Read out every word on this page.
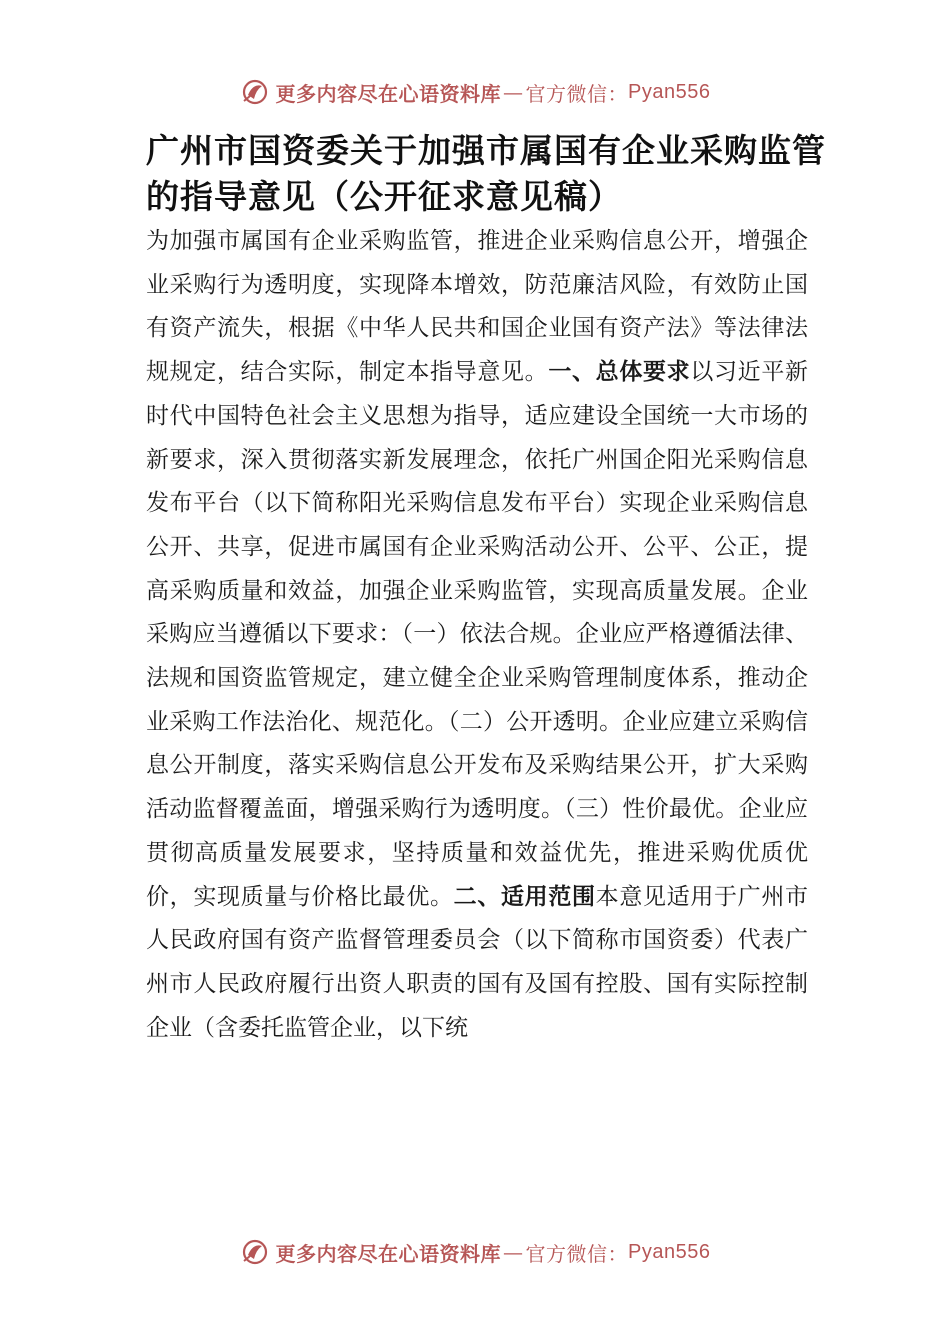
更多内容尽在心语资料库 — 官方微信： Pyan556
广州市国资委关于加强市属国有企业采购监管的指导意见（公开征求意见稿）

为加强市属国有企业采购监管，推进企业采购信息公开，增强企业采购行为透明度，实现降本增效，防范廉洁风险，有效防止国有资产流失，根据《中华人民共和国企业国有资产法》等法律法规规定，结合实际，制定本指导意见。一、总体要求以习近平新时代中国特色社会主义思想为指导，适应建设全国统一大市场的新要求，深入贯彻落实新发展理念，依托广州国企阳光采购信息发布平台（以下简称阳光采购信息发布平台）实现企业采购信息公开、共享，促进市属国有企业采购活动公开、公平、公正，提高采购质量和效益，加强企业采购监管，实现高质量发展。企业采购应当遵循以下要求：（一）依法合规。企业应严格遵循法律、法规和国资监管规定，建立健全企业采购管理制度体系，推动企业采购工作法治化、规范化。（二）公开透明。企业应建立采购信息公开制度，落实采购信息公开发布及采购结果公开，扩大采购活动监督覆盖面，增强采购行为透明度。（三）性价最优。企业应贯彻高质量发展要求，坚持质量和效益优先，推进采购优质优价，实现质量与价格比最优。二、适用范围本意见适用于广州市人民政府国有资产监督管理委员会（以下简称市国资委）代表广州市人民政府履行出资人职责的国有及国有控股、国有实际控制企业（含委托监管企业，以下统

更多内容尽在心语资料库 — 官方微信： Pyan556
